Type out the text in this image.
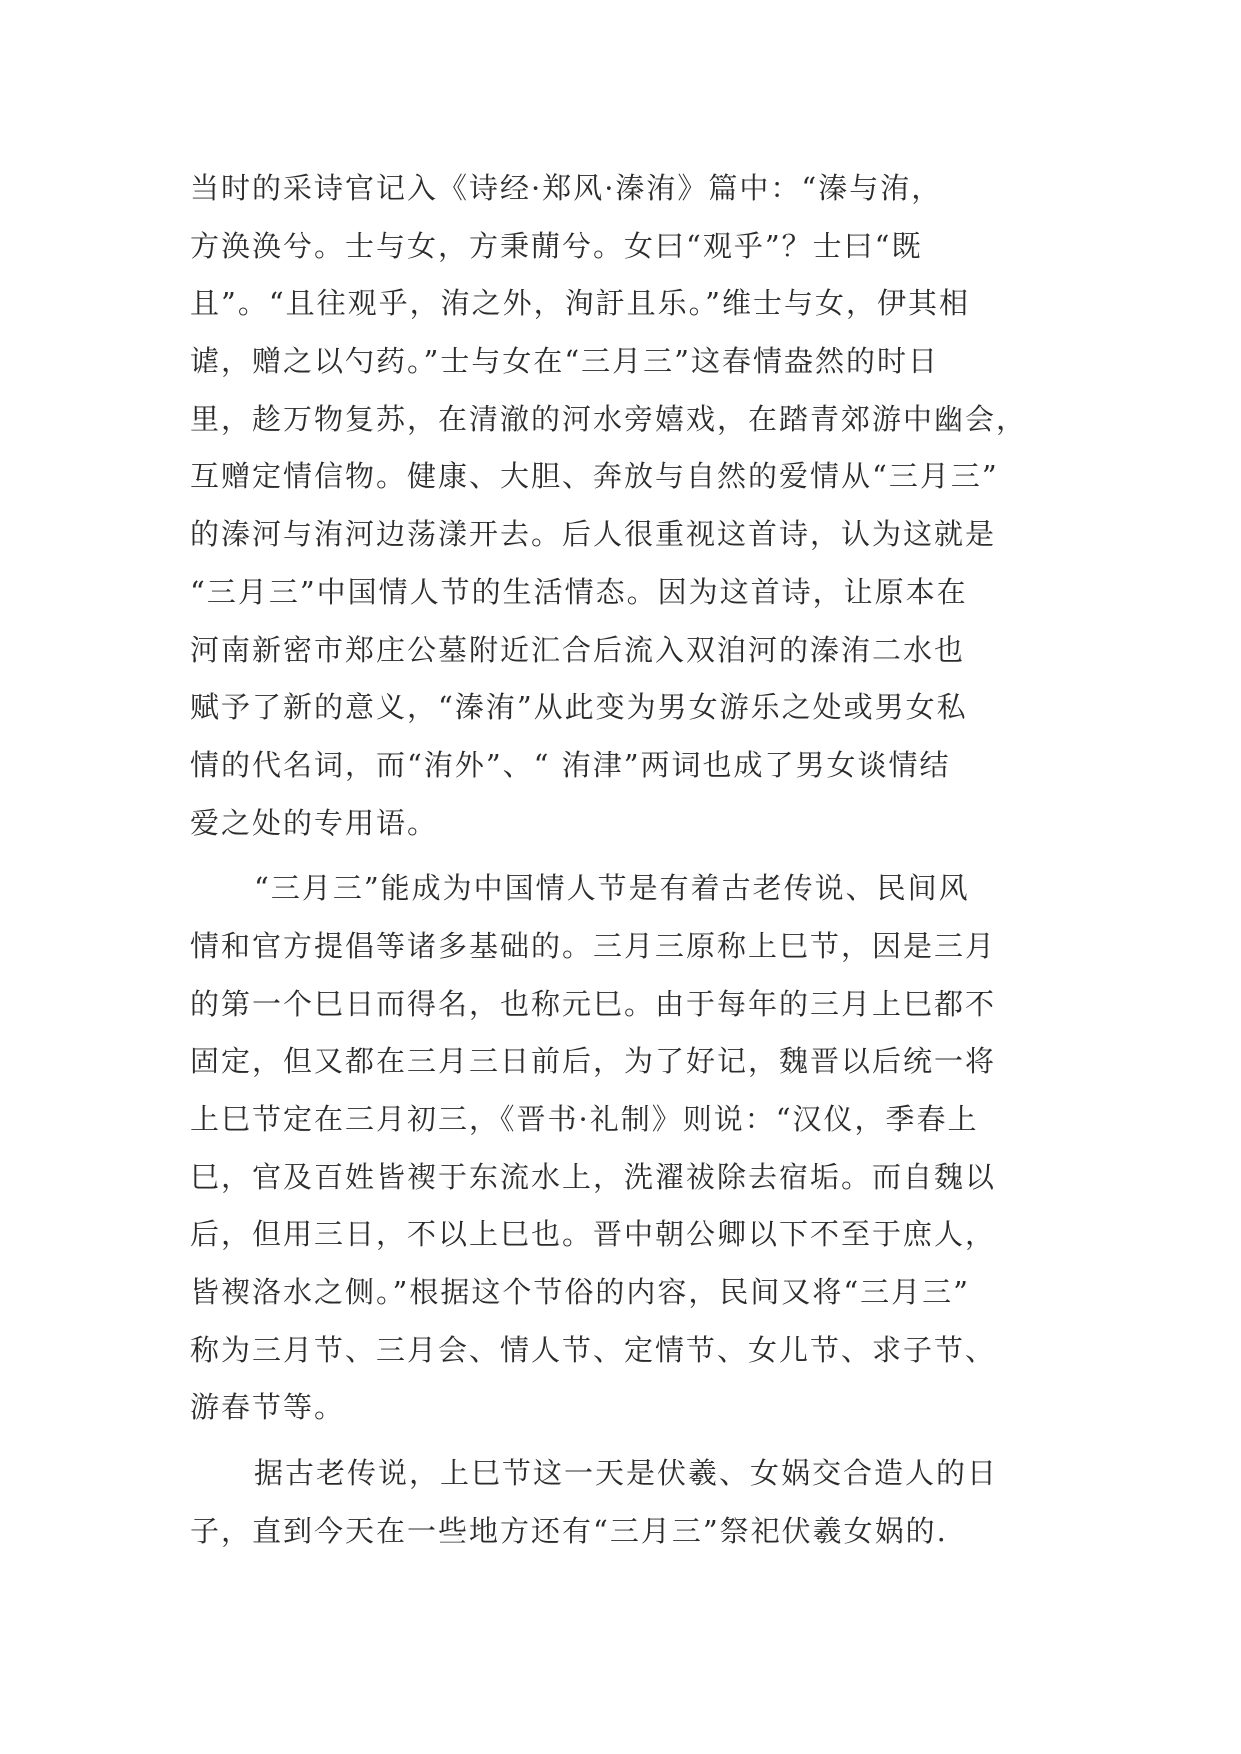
当时的采诗官记入《诗经·郑风·溱洧》篇中：“溱与洧，
方涣涣兮。士与女，方秉蕑兮。女曰“观乎”？士曰“既
且”。“且往观乎，洧之外，洵訏且乐。”维士与女，伊其相
谑，赠之以勺药。”士与女在“三月三”这春情盎然的时日
里，趁万物复苏，在清澈的河水旁嬉戏，在踏青郊游中幽会，
互赠定情信物。健康、大胆、奔放与自然的爱情从“三月三”
的溱河与洧河边荡漾开去。后人很重视这首诗，认为这就是
“三月三”中国情人节的生活情态。因为这首诗，让原本在
河南新密市郑庄公墓附近汇合后流入双洎河的溱洧二水也
赋予了新的意义，“溱洧”从此变为男女游乐之处或男女私
情的代名词，而“洧外”、“ 洧津”两词也成了男女谈情结
爱之处的专用语。
“三月三”能成为中国情人节是有着古老传说、民间风
情和官方提倡等诸多基础的。三月三原称上巳节，因是三月
的第一个巳日而得名，也称元巳。由于每年的三月上巳都不
固定，但又都在三月三日前后，为了好记，魏晋以后统一将
上巳节定在三月初三，《晋书·礼制》则说：“汉仪，季春上
巳，官及百姓皆褉于东流水上，洗濯祓除去宿垢。而自魏以
后，但用三日，不以上巳也。晋中朝公卿以下不至于庶人，
皆褉洛水之侧。”根据这个节俗的内容，民间又将“三月三”
称为三月节、三月会、情人节、定情节、女儿节、求子节、
游春节等。
据古老传说，上巳节这一天是伏羲、女娲交合造人的日
子，直到今天在一些地方还有“三月三”祭祀伏羲女娲的.
